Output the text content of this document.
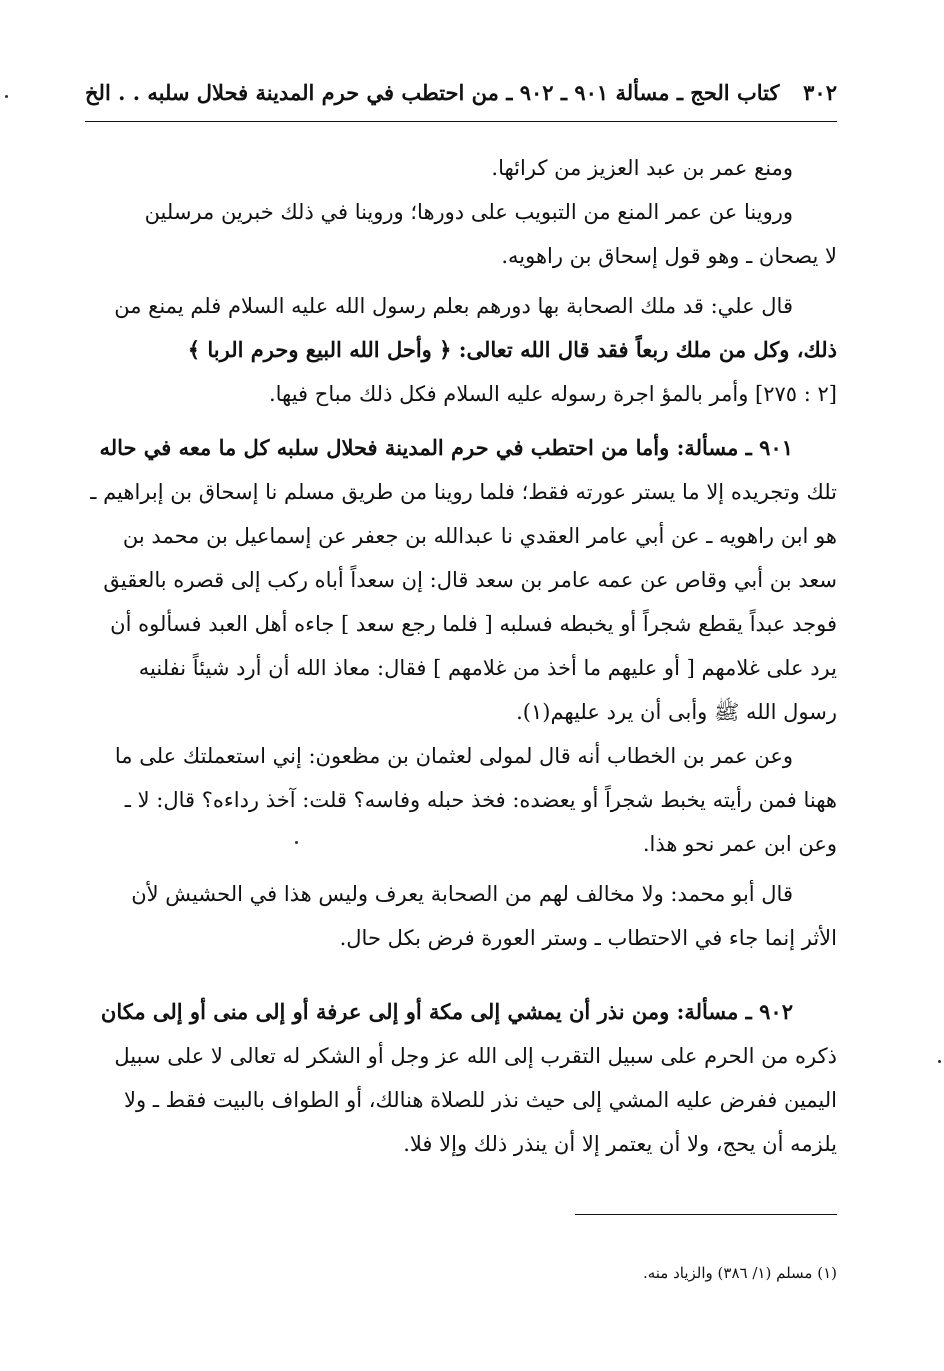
٣٠٢
كتاب الحج ـ مسألة ٩٠١ ـ ٩٠٢ ـ من احتطب في حرم المدينة فحلال سلبه . . الخ
ومنع عمر بن عبد العزيز من كرائها.
وروينا عن عمر المنع من التبويب على دورها؛ وروينا في ذلك خبرين مرسلين
لا يصحان ـ وهو قول إسحاق بن راهويه.
قال علي: قد ملك الصحابة بها دورهم بعلم رسول الله عليه السلام فلم يمنع من
ذلك، وكل من ملك ربعاً فقد قال الله تعالى: ﴿ وأحل الله البيع وحرم الربا ﴾
[٢ : ٢٧٥] وأمر بالمؤ اجرة رسوله عليه السلام فكل ذلك مباح فيها.
٩٠١ ـ مسألة: وأما من احتطب في حرم المدينة فحلال سلبه كل ما معه في حاله
تلك وتجريده إلا ما يستر عورته فقط؛ فلما روينا من طريق مسلم نا إسحاق بن إبراهيم ـ
هو ابن راهويه ـ عن أبي عامر العقدي نا عبدالله بن جعفر عن إسماعيل بن محمد بن
سعد بن أبي وقاص عن عمه عامر بن سعد قال: إن سعداً أباه ركب إلى قصره بالعقيق
فوجد عبداً يقطع شجراً أو يخبطه فسلبه [ فلما رجع سعد ] جاءه أهل العبد فسألوه أن
يرد على غلامهم [ أو عليهم ما أخذ من غلامهم ] فقال: معاذ الله أن أرد شيئاً نفلنيه
رسول الله ﷺ وأبى أن يرد عليهم(١).
وعن عمر بن الخطاب أنه قال لمولى لعثمان بن مظعون: إني استعملتك على ما
ههنا فمن رأيته يخبط شجراً أو يعضده: فخذ حبله وفاسه؟ قلت: آخذ رداءه؟ قال: لا ـ
وعن ابن عمر نحو هذا.
قال أبو محمد: ولا مخالف لهم من الصحابة يعرف وليس هذا في الحشيش لأن
الأثر إنما جاء في الاحتطاب ـ وستر العورة فرض بكل حال.
٩٠٢ ـ مسألة: ومن نذر أن يمشي إلى مكة أو إلى عرفة أو إلى منى أو إلى مكان
ذكره من الحرم على سبيل التقرب إلى الله عز وجل أو الشكر له تعالى لا على سبيل
اليمين ففرض عليه المشي إلى حيث نذر للصلاة هنالك، أو الطواف بالبيت فقط ـ ولا
يلزمه أن يحج، ولا أن يعتمر إلا أن ينذر ذلك وإلا فلا.
(١) مسلم (١/ ٣٨٦) والزياد منه.
